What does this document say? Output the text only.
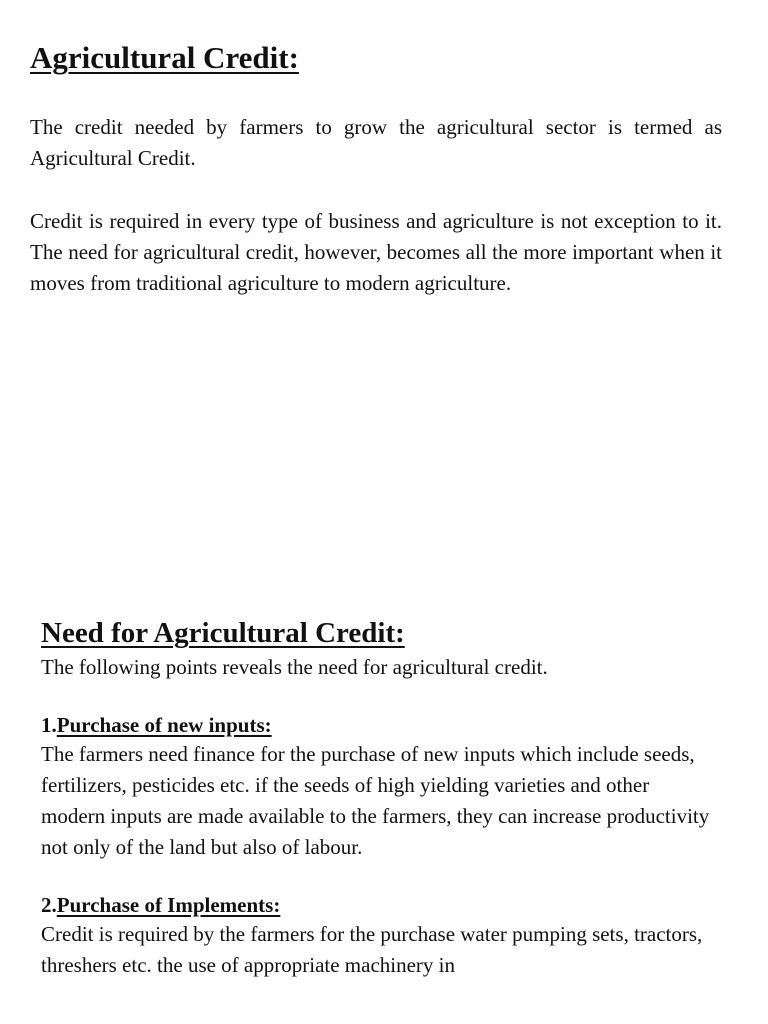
Agricultural Credit:

The credit needed by farmers to grow the agricultural sector is termed as Agricultural Credit.

Credit is required in every type of business and agriculture is not exception to it. The need for agricultural credit, however, becomes all the more important when it moves from traditional agriculture to modern agriculture.

Need for Agricultural Credit:

The following points reveals the need for agricultural credit.

1.Purchase of new inputs:

The farmers need finance for the purchase of new inputs which include seeds, fertilizers, pesticides etc. if the seeds of high yielding varieties and other modern inputs are made available to the farmers, they can increase productivity not only of the land but also of labour.

2.Purchase of Implements:

Credit is required by the farmers for the purchase water pumping sets, tractors, threshers etc. the use of appropriate machinery in
